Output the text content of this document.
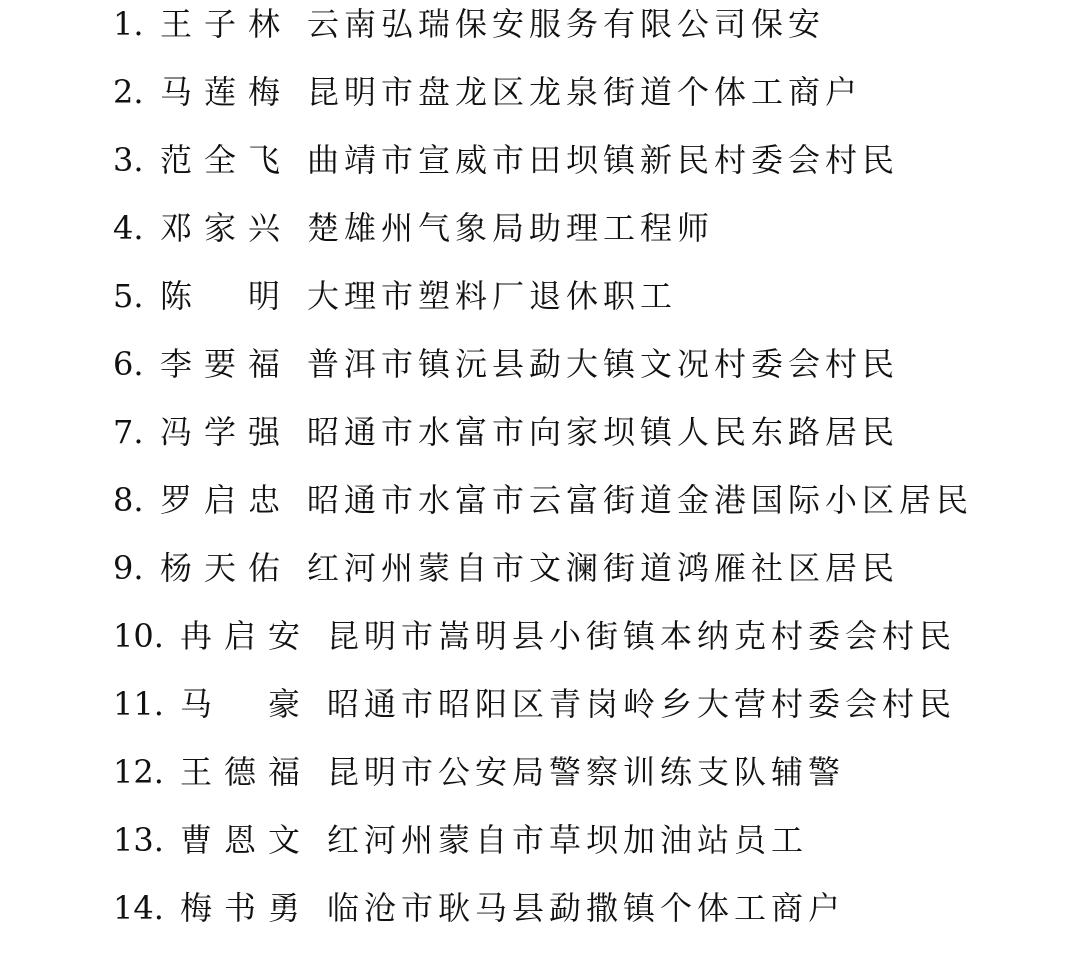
1. 王子林 云南弘瑞保安服务有限公司保安
2. 马莲梅 昆明市盘龙区龙泉街道个体工商户
3. 范全飞 曲靖市宣威市田坝镇新民村委会村民
4. 邓家兴 楚雄州气象局助理工程师
5. 陈　明 大理市塑料厂退休职工
6. 李要福 普洱市镇沅县勐大镇文况村委会村民
7. 冯学强 昭通市水富市向家坝镇人民东路居民
8. 罗启忠 昭通市水富市云富街道金港国际小区居民
9. 杨天佑 红河州蒙自市文澜街道鸿雁社区居民
10. 冉启安 昆明市嵩明县小街镇本纳克村委会村民
11. 马　豪 昭通市昭阳区青岗岭乡大营村委会村民
12. 王德福 昆明市公安局警察训练支队辅警
13. 曹恩文 红河州蒙自市草坝加油站员工
14. 梅书勇 临沧市耿马县勐撒镇个体工商户
